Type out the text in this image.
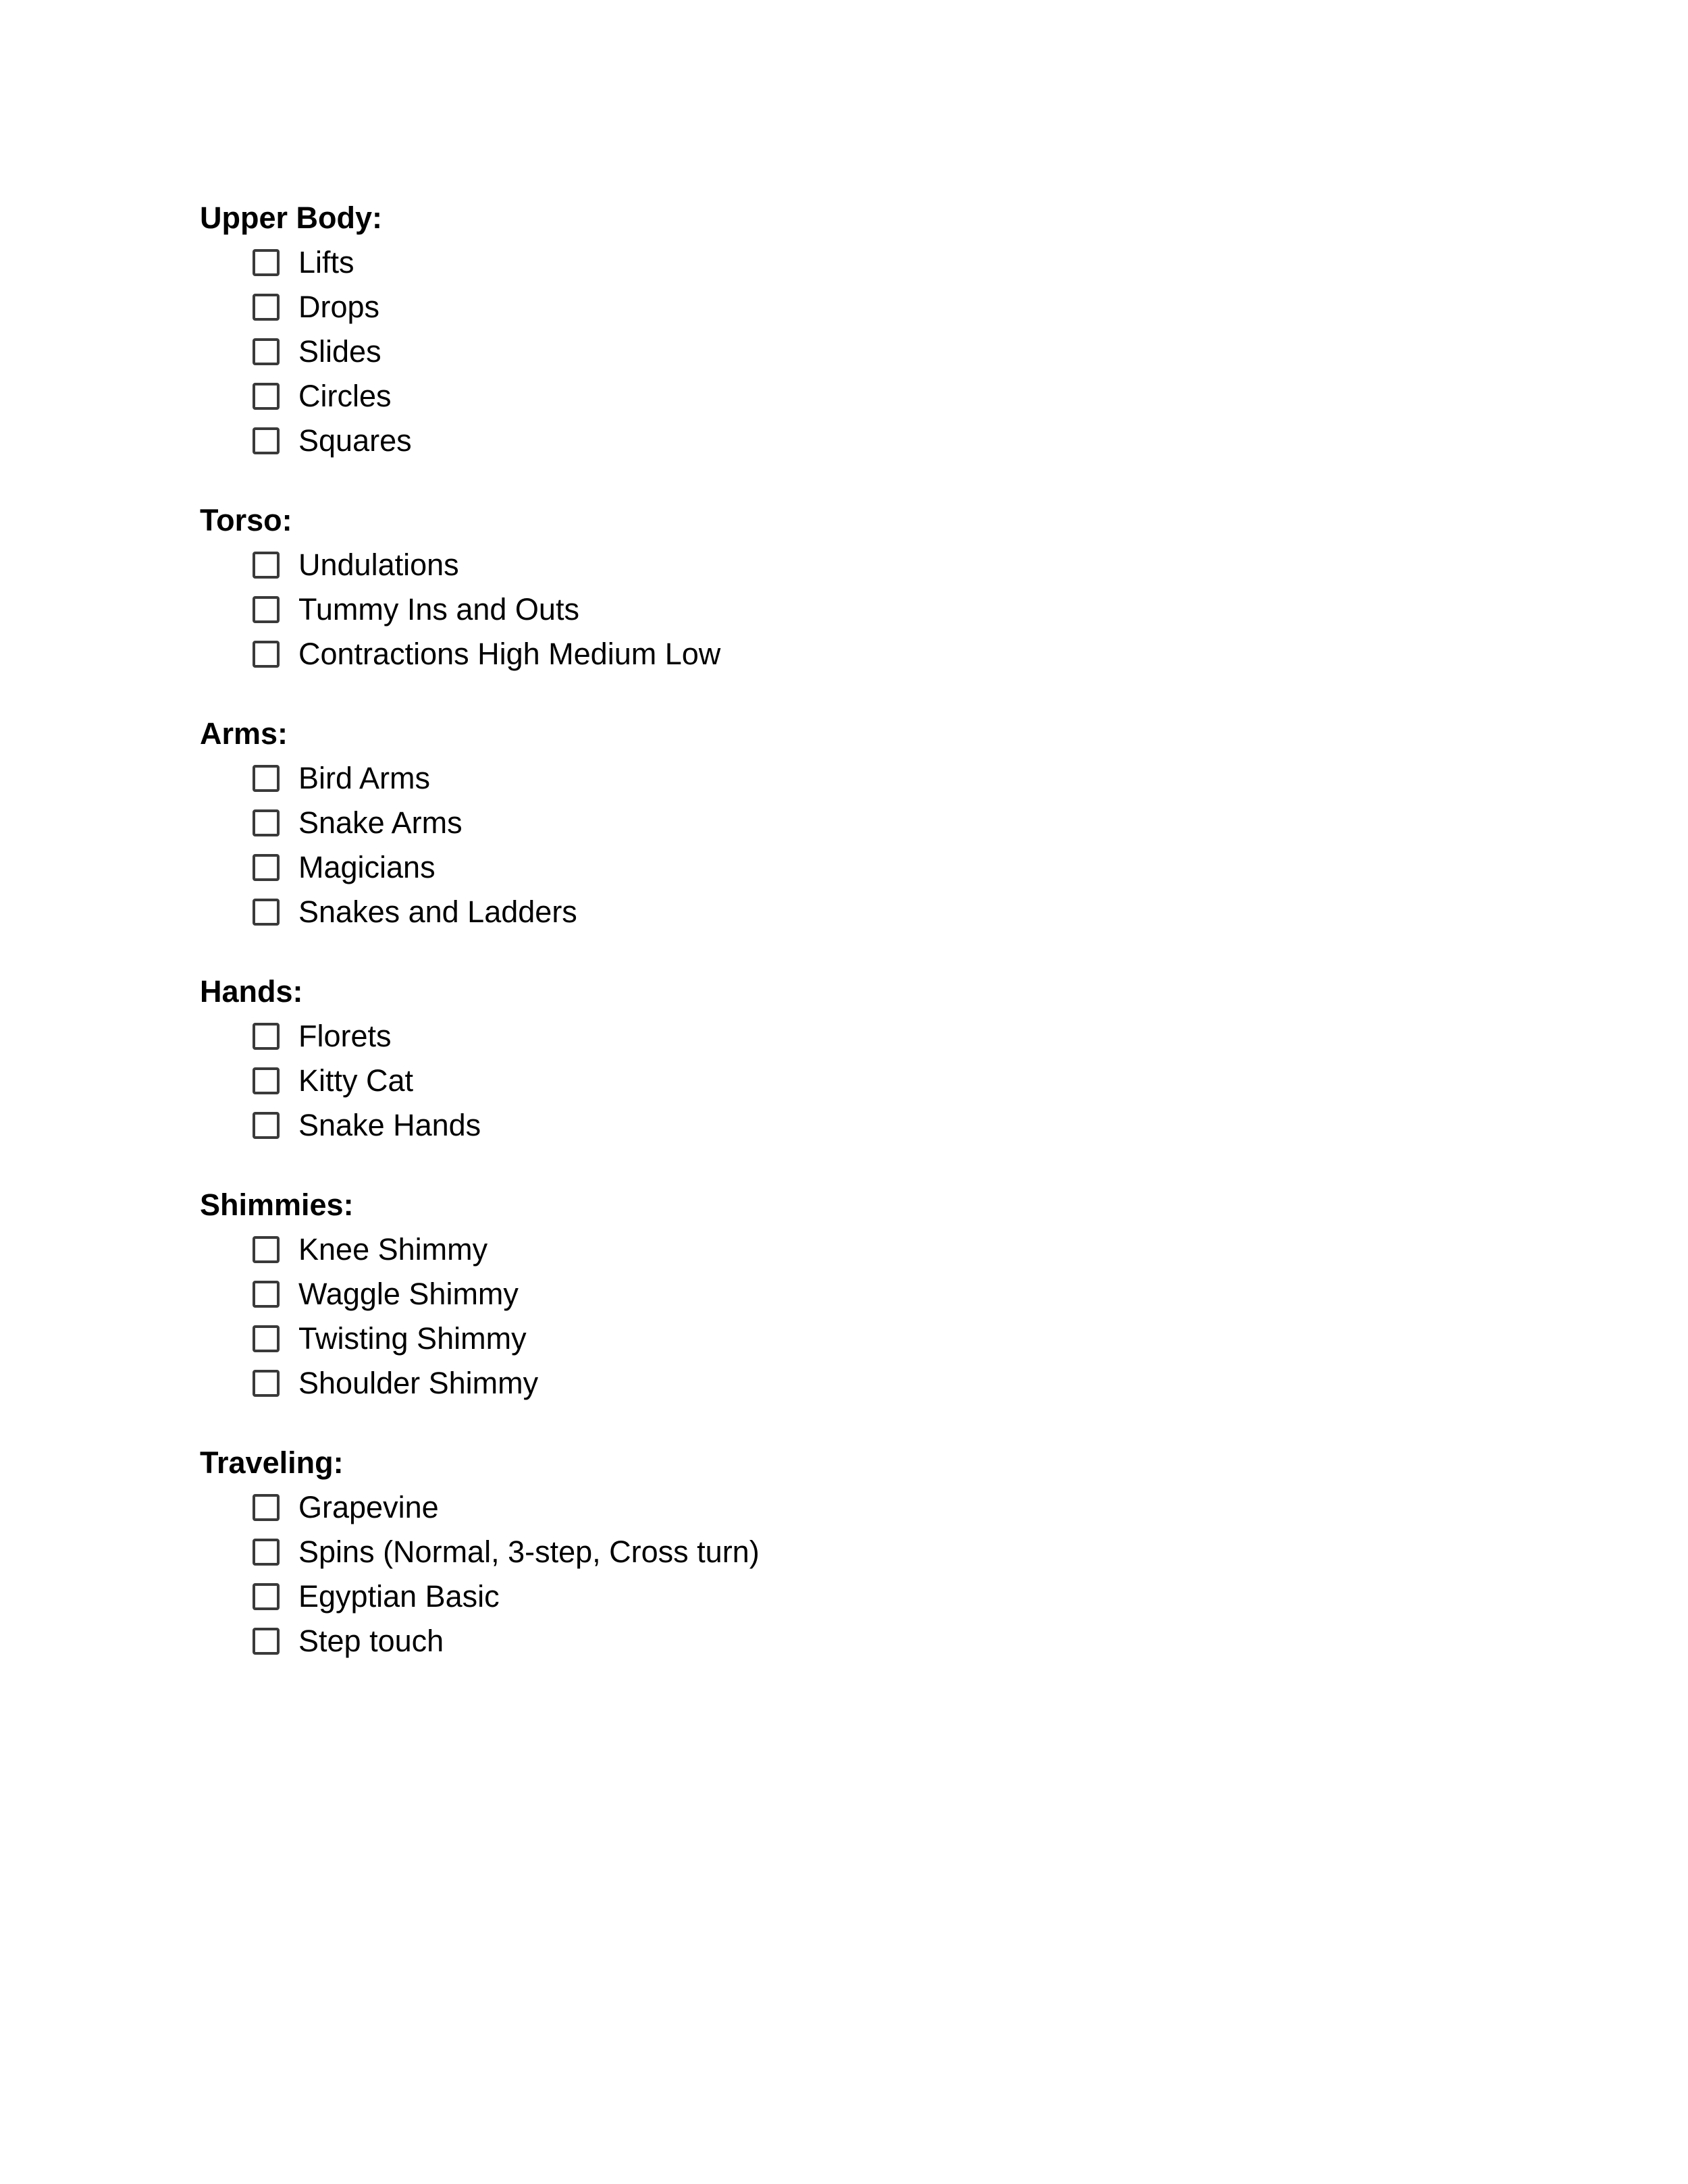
Upper Body:
Lifts
Drops
Slides
Circles
Squares
Torso:
Undulations
Tummy Ins and Outs
Contractions High Medium Low
Arms:
Bird Arms
Snake Arms
Magicians
Snakes and Ladders
Hands:
Florets
Kitty Cat
Snake Hands
Shimmies:
Knee Shimmy
Waggle Shimmy
Twisting Shimmy
Shoulder Shimmy
Traveling:
Grapevine
Spins (Normal, 3-step, Cross turn)
Egyptian Basic
Step touch
